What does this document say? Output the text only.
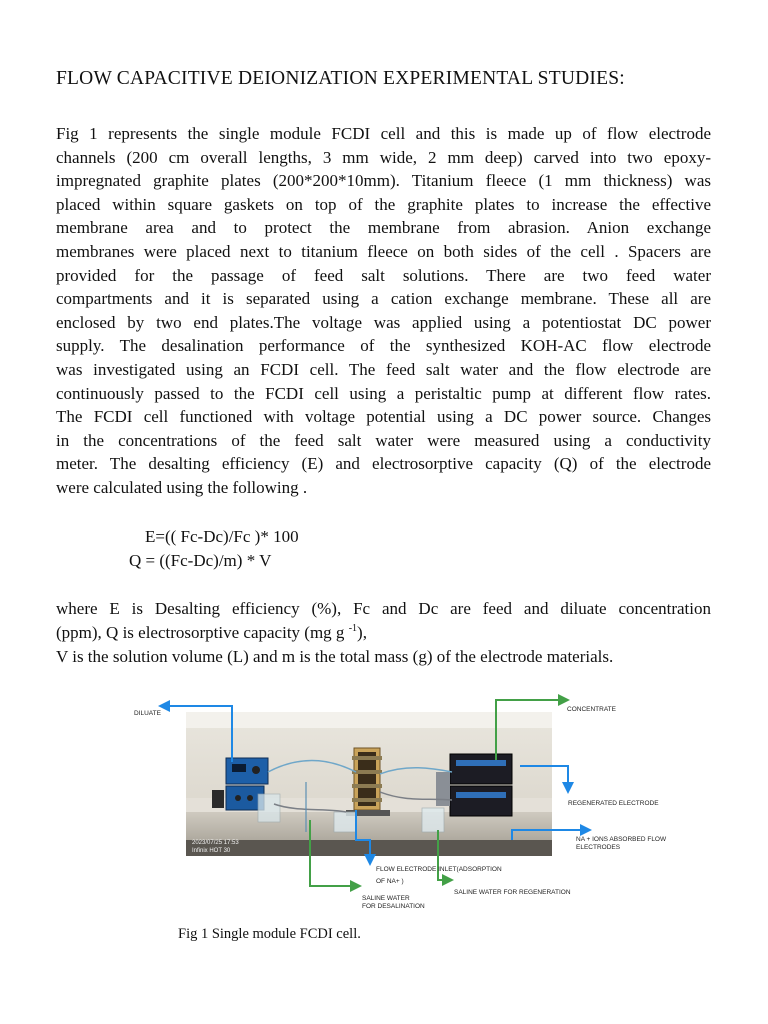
FLOW CAPACITIVE DEIONIZATION EXPERIMENTAL STUDIES:
Fig 1 represents the single module FCDI cell and this is made up of flow electrode
channels (200 cm overall lengths, 3 mm wide, 2 mm deep) carved into two epoxy-
impregnated graphite plates (200*200*10mm). Titanium fleece (1 mm thickness) was
placed within square gaskets on top of the graphite plates to increase the effective
membrane area and to protect the membrane from abrasion. Anion exchange
membranes were placed next to titanium fleece on both sides of the cell . Spacers are
provided for the passage of feed salt solutions. There are two feed water
compartments and it is separated using a cation exchange membrane. These all are
enclosed by two end plates.The voltage was applied using a potentiostat DC power
supply. The desalination performance of the synthesized KOH-AC flow electrode
was investigated using an FCDI cell. The feed salt water and the flow electrode are
continuously passed to the FCDI cell using a peristaltic pump at different flow rates.
The FCDI cell functioned with voltage potential using a DC power source. Changes
in the concentrations of the feed salt water were measured using a conductivity
meter. The desalting efficiency (E) and electrosorptive capacity (Q) of the electrode
were calculated using the following .
E=(( Fc-Dc)/Fc )* 100
Q = ((Fc-Dc)/m) * V
where E is Desalting efficiency (%), Fc and Dc are feed and diluate concentration
(ppm), Q is electrosorptive capacity (mg g $^{-1}$),
V is the solution volume (L) and m is the total mass (g) of the electrode materials.
2023/07/25 17:53
Infinix HOT 30
DILUATE
CONCENTRATE
REGENERATED ELECTRODE
NA + IONS ABSORBED FLOW
ELECTRODES
FLOW ELECTRODE INLET(ADSORPTION
OF NA+ )
SALINE WATER FOR REGENERATION
SALINE WATER
FOR DESALINATION
Fig 1 Single module FCDI cell.
